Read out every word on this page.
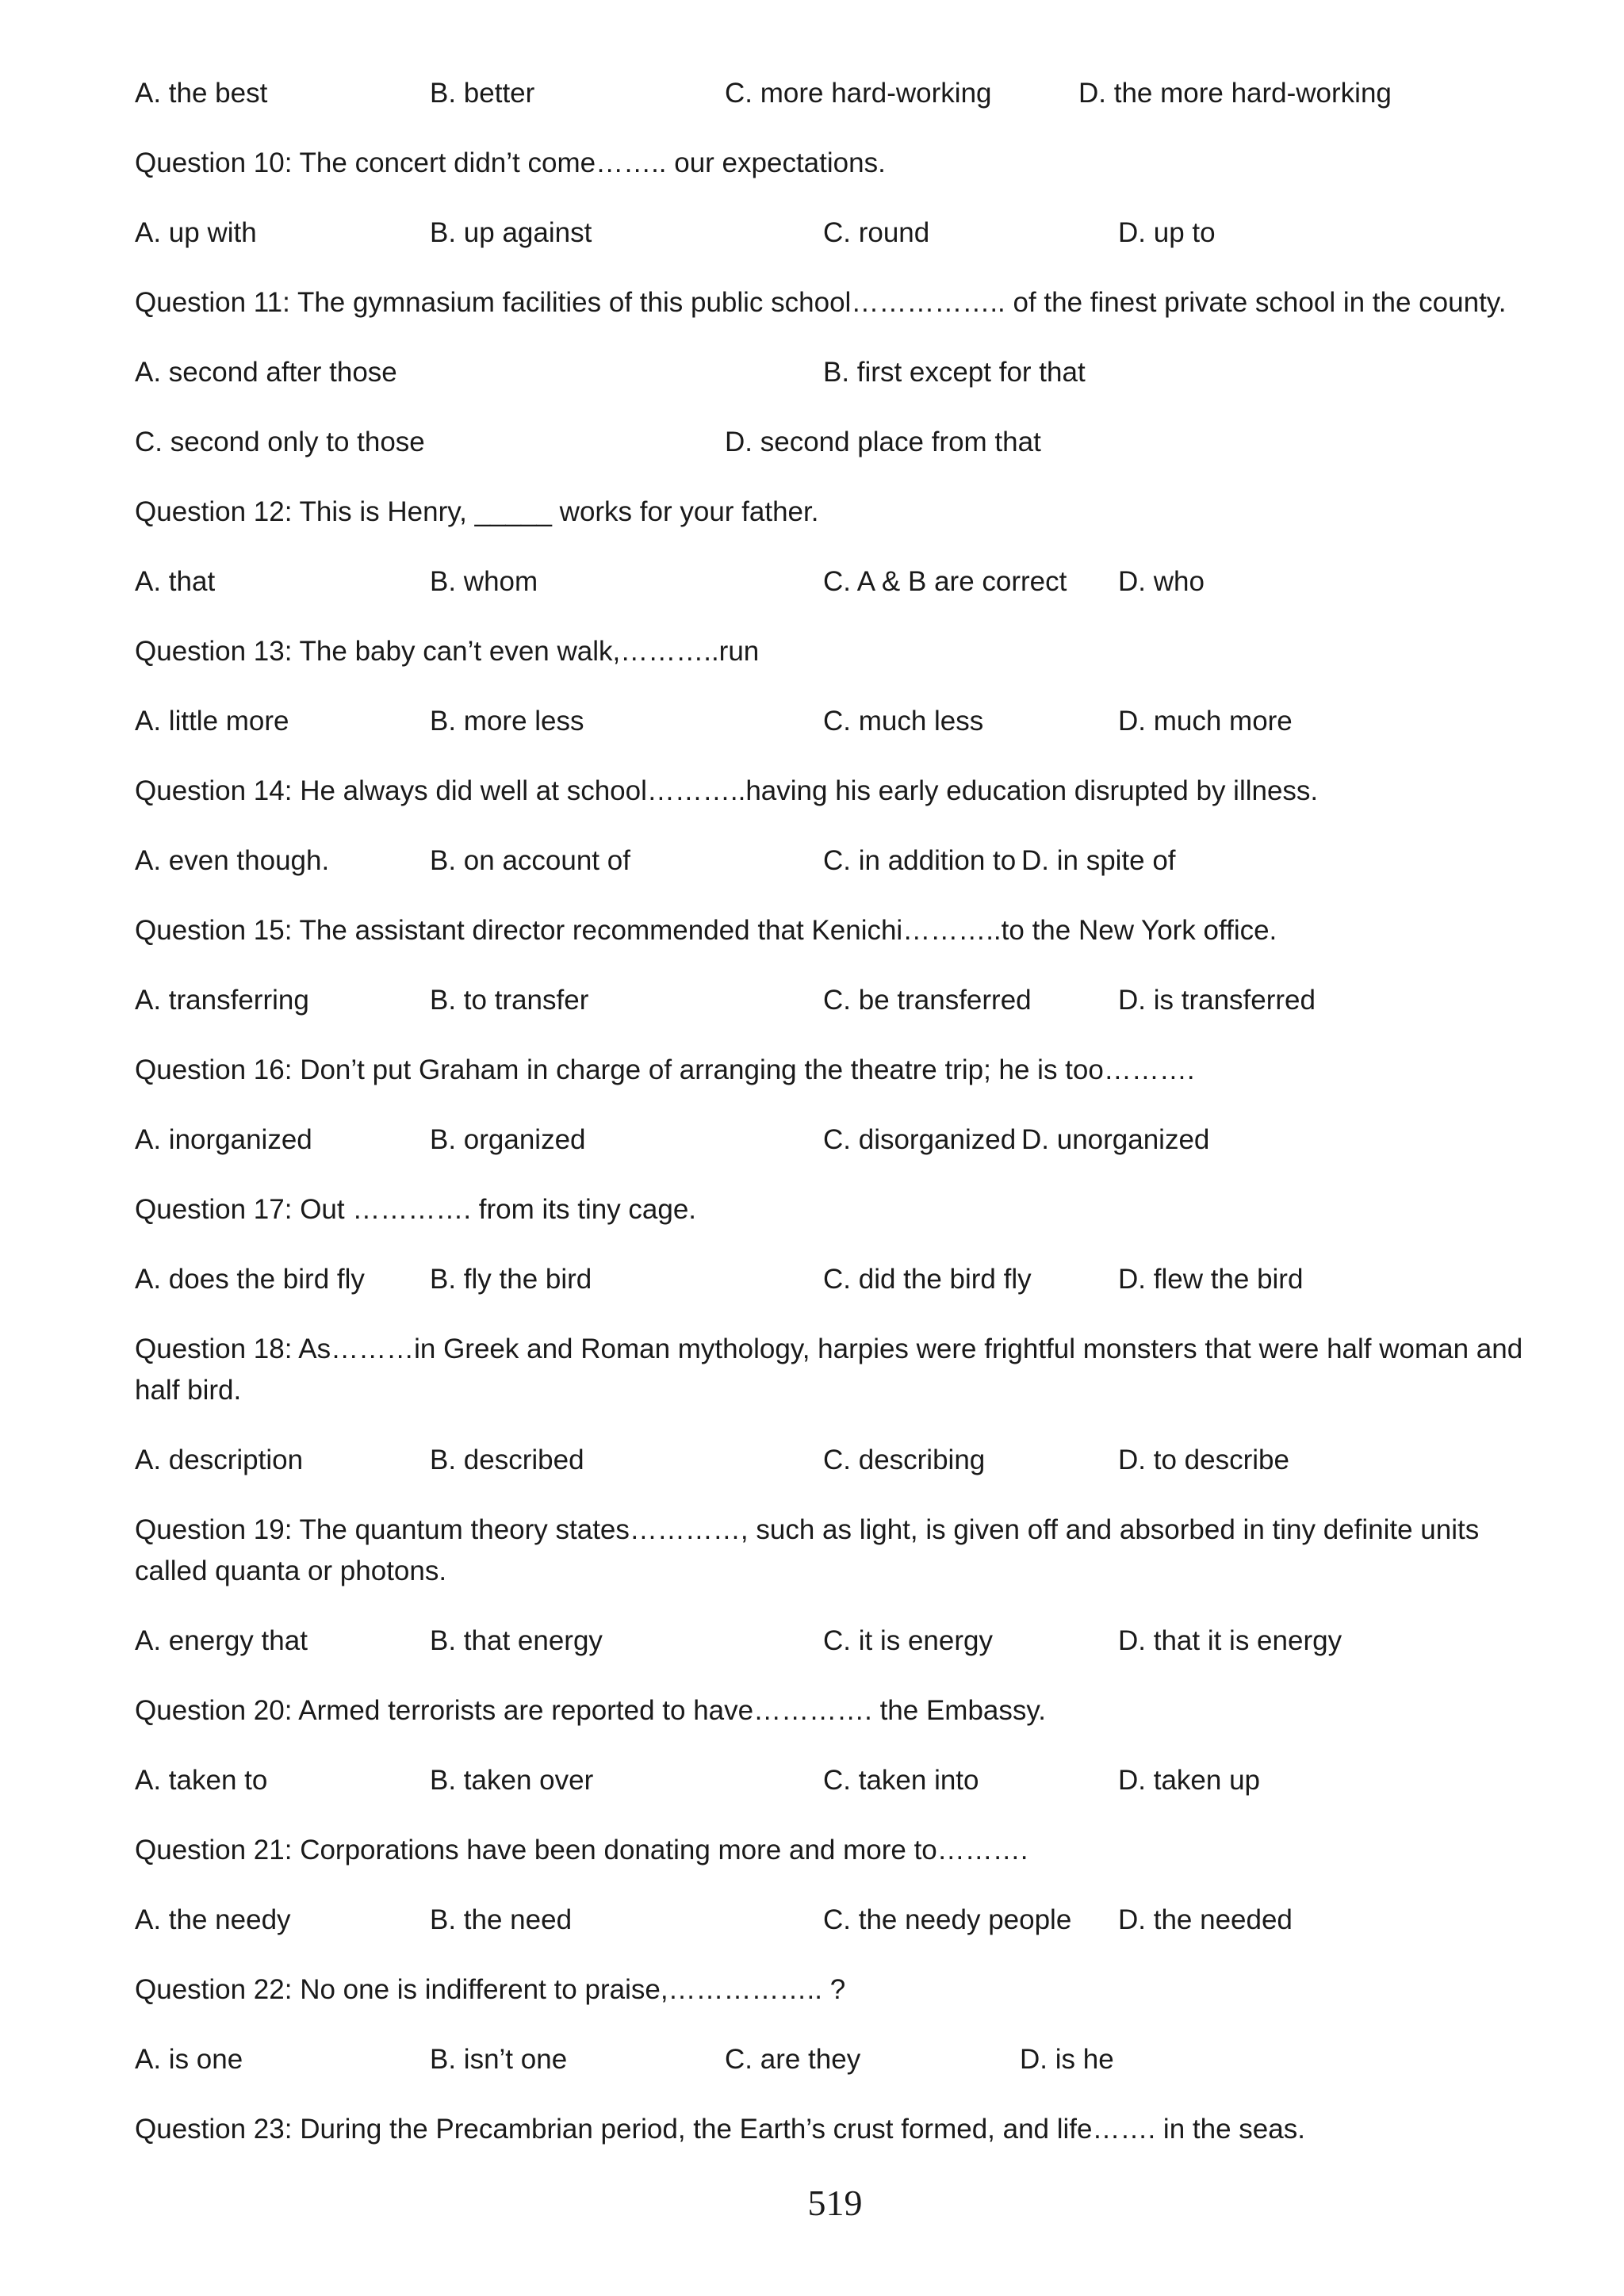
A. the best	B. better	C. more hard-working	D. the more hard-working
Question 10: The concert didn’t come…….. our expectations.
A. up with	B. up against	C. round	D. up to
Question 11: The gymnasium facilities of this public school…………….. of the finest private school in the county.
A. second after those	B. first except for that
C. second only to those	D. second place from that
Question 12: This is Henry, _____ works for your father.
A. that	B. whom	C. A & B are correct D. who
Question 13: The baby can’t even walk,………..run
A. little more	B. more less	C. much less	D. much more
Question 14: He always did well at school………..having his early education disrupted by illness.
A. even though.	B. on account of	C. in addition to D. in spite of
Question 15: The assistant director recommended that Kenichi………..to the New York office.
A. transferring	B. to transfer	C. be transferred	D. is transferred
Question 16: Don’t put Graham in charge of arranging the theatre trip; he is too……….
A. inorganized	B. organized	C. disorganized D. unorganized
Question 17: Out …………. from its tiny cage.
A. does the bird fly B. fly the bird	C. did the bird fly	D. flew the bird
Question 18: As………in Greek and Roman mythology, harpies were frightful monsters that were half woman and half bird.
A. description	B. described	C. describing	D. to describe
Question 19: The quantum theory states…………, such as light, is given off and absorbed in tiny definite units called quanta or photons.
A. energy that	B. that energy	C. it is energy	D. that it is energy
Question 20: Armed terrorists are reported to have…………. the Embassy.
A. taken to	B. taken over	C. taken into	D. taken up
Question 21: Corporations have been donating more and more to……….
A. the needy	B. the need	C. the needy people D. the needed
Question 22: No one is indifferent to praise,…………….. ?
A. is one	B. isn’t one	C. are they	D. is he
Question 23: During the Precambrian period, the Earth’s crust formed, and life……. in the seas.
519
